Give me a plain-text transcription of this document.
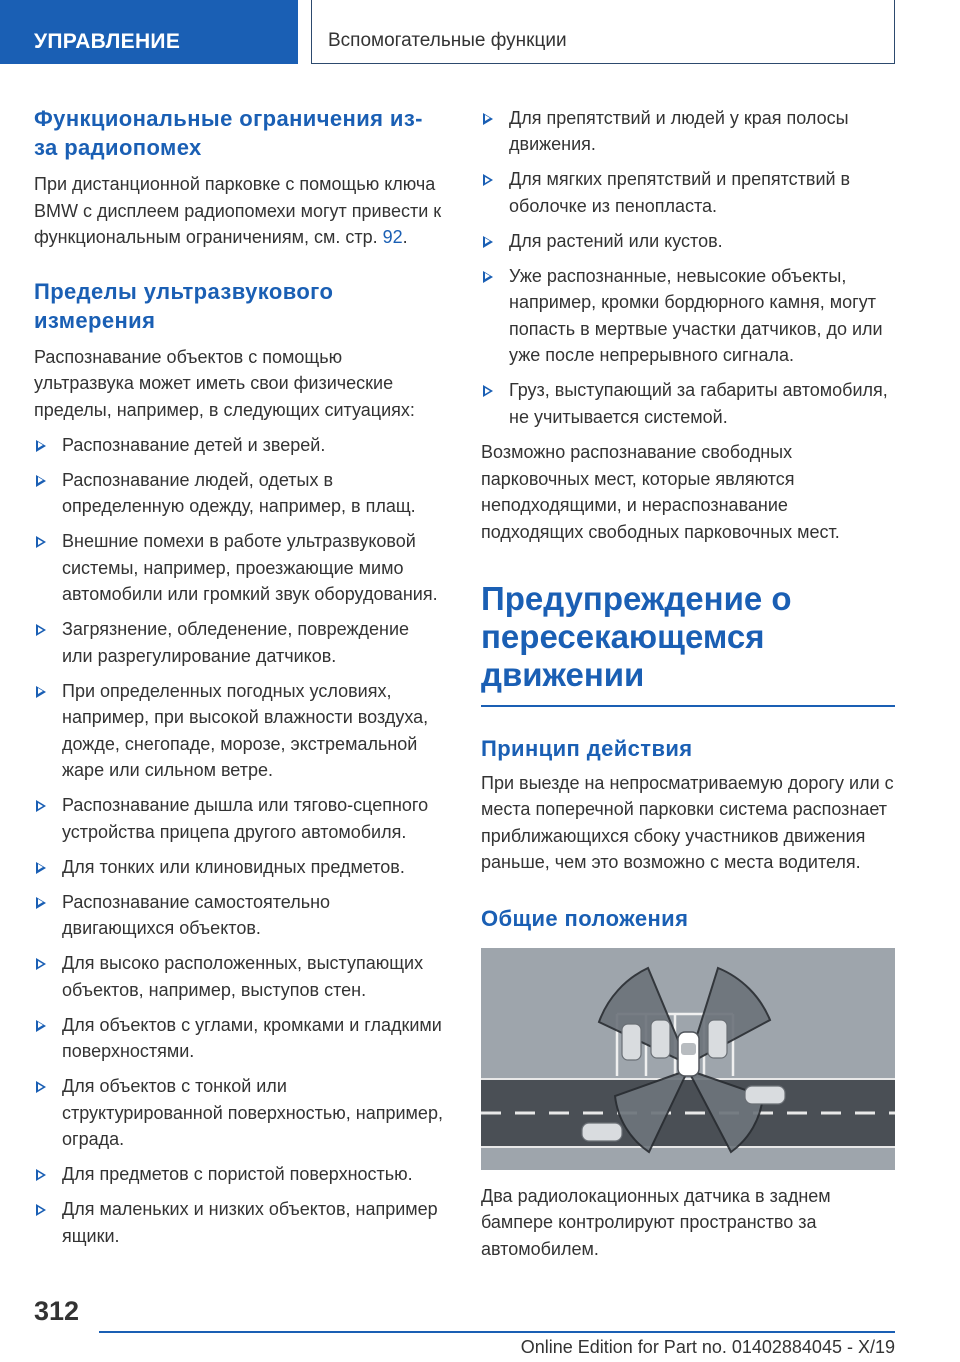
УПРАВЛЕНИЕ	Вспомогательные функции
Функциональные ограничения из-за радиопомех

При дистанционной парковке с помощью ключа BMW с дисплеем радиопомехи могут привести к функциональным ограничениям, см. стр. 92.

Пределы ультразвукового измерения

Распознавание объектов с помощью ультразвука может иметь свои физические пределы, например, в следующих ситуациях:

Распознавание детей и зверей.
Распознавание людей, одетых в определенную одежду, например, в плащ.
Внешние помехи в работе ультразвуковой системы, например, проезжающие мимо автомобили или громкий звук оборудования.
Загрязнение, обледенение, повреждение или разрегулирование датчиков.
При определенных погодных условиях, например, при высокой влажности воздуха, дожде, снегопаде, морозе, экстремальной жаре или сильном ветре.
Распознавание дышла или тягово-сцепного устройства прицепа другого автомобиля.
Для тонких или клиновидных предметов.
Распознавание самостоятельно двигающихся объектов.
Для высоко расположенных, выступающих объектов, например, выступов стен.
Для объектов с углами, кромками и гладкими поверхностями.
Для объектов с тонкой или структурированной поверхностью, например, ограда.
Для предметов с пористой поверхностью.
Для маленьких и низких объектов, например ящики.
Для препятствий и людей у края полосы движения.
Для мягких препятствий и препятствий в оболочке из пенопласта.
Для растений или кустов.
Уже распознанные, невысокие объекты, например, кромки бордюрного камня, могут попасть в мертвые участки датчиков, до или уже после непрерывного сигнала.
Груз, выступающий за габариты автомобиля, не учитывается системой.

Возможно распознавание свободных парковочных мест, которые являются неподходящими, и нераспознавание подходящих свободных парковочных мест.

Предупреждение о пересекающемся движении
Принцип действия

При выезде на непросматриваемую дорогу или с места поперечной парковки система распознает приближающихся сбоку участников движения раньше, чем это возможно с места водителя.

Общие положения

Два радиолокационных датчика в заднем бампере контролируют пространство за автомобилем.

312
Online Edition for Part no. 01402884045 - X/19
